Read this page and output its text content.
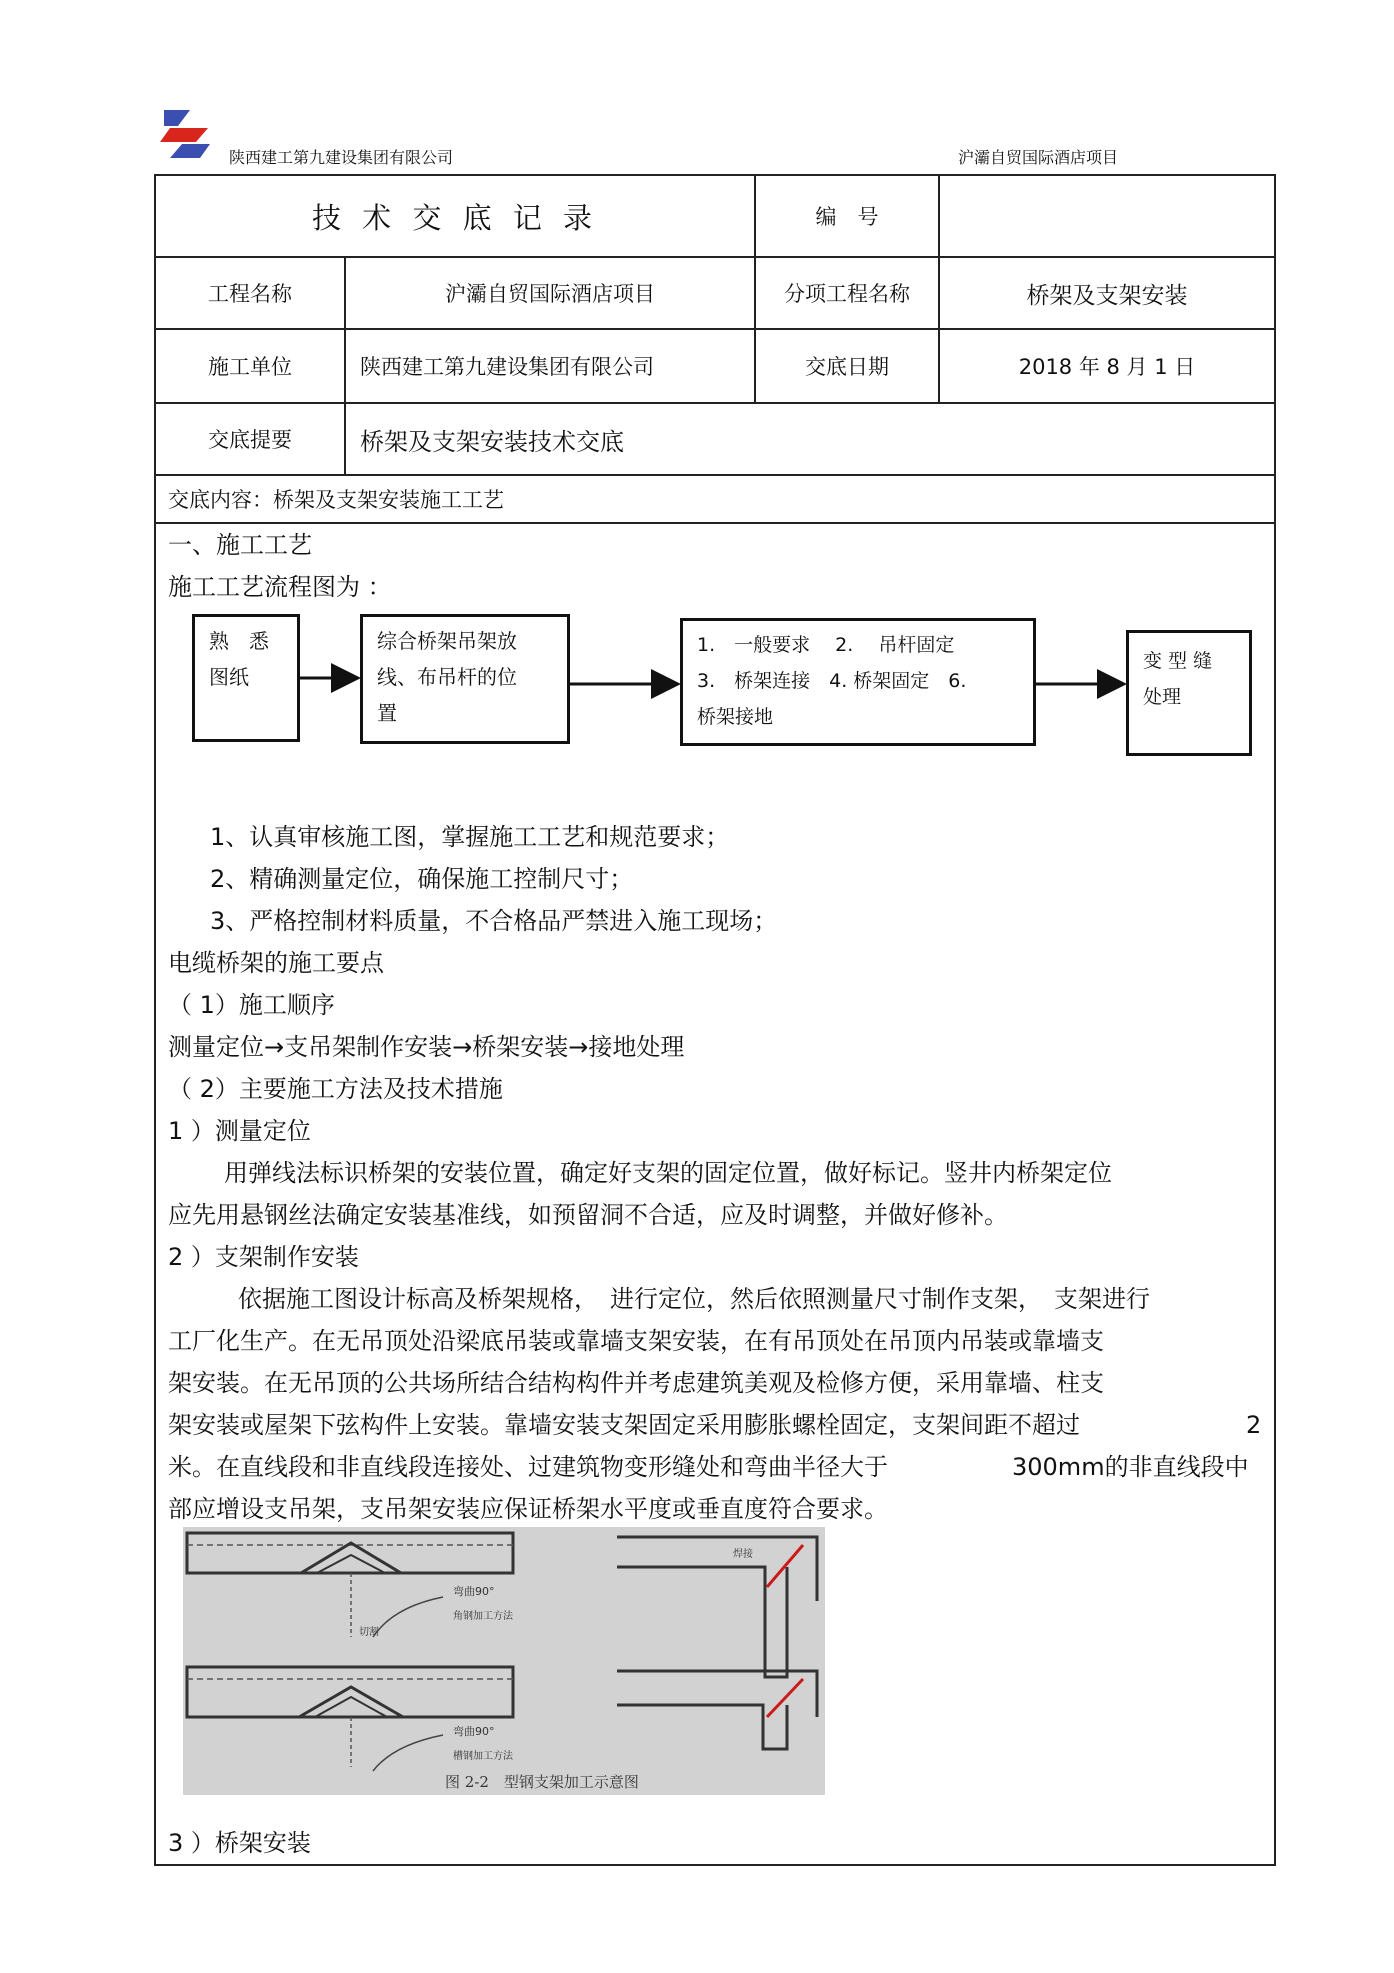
陕西建工第九建设集团有限公司	沪灞自贸国际酒店项目
技 术 交 底 记 录	编　号
工程名称	沪灞自贸国际酒店项目	分项工程名称	桥架及支架安装
施工单位	陕西建工第九建设集团有限公司	交底日期	2018 年 8 月 1 日
交底提要	桥架及支架安装技术交底
交底内容：桥架及支架安装施工工艺
一、施工工艺
施工工艺流程图为 ：
熟　悉
图纸
综合桥架吊架放
线、布吊杆的位
置
1.　一般要求　 2.　 吊杆固定
3.　桥架连接　4. 桥架固定　6.
桥架接地
变 型 缝
处理
1、认真审核施工图，掌握施工工艺和规范要求；
2、精确测量定位，确保施工控制尺寸；
3、严格控制材料质量，不合格品严禁进入施工现场；
电缆桥架的施工要点
（ 1）施工顺序
测量定位→支吊架制作安装→桥架安装→接地处理
（ 2）主要施工方法及技术措施
1 ）测量定位
用弹线法标识桥架的安装位置，确定好支架的固定位置，做好标记。竖井内桥架定位
应先用悬钢丝法确定安装基准线，如预留洞不合适，应及时调整，并做好修补。
2 ）支架制作安装
依据施工图设计标高及桥架规格，　进行定位，然后依照测量尺寸制作支架，　支架进行
工厂化生产。在无吊顶处沿梁底吊装或靠墙支架安装，在有吊顶处在吊顶内吊装或靠墙支
架安装。在无吊顶的公共场所结合结构构件并考虑建筑美观及检修方便，采用靠墙、柱支
架安装或屋架下弦构件上安装。靠墙安装支架固定采用膨胀螺栓固定，支架间距不超过	2
米。在直线段和非直线段连接处、过建筑物变形缝处和弯曲半径大于	300mm的非直线段中
部应增设支吊架，支吊架安装应保证桥架水平度或垂直度符合要求。
弯曲90°
角钢加工方法
切割
焊接
弯曲90°
槽钢加工方法
图 2-2　型钢支架加工示意图
3 ）桥架安装
